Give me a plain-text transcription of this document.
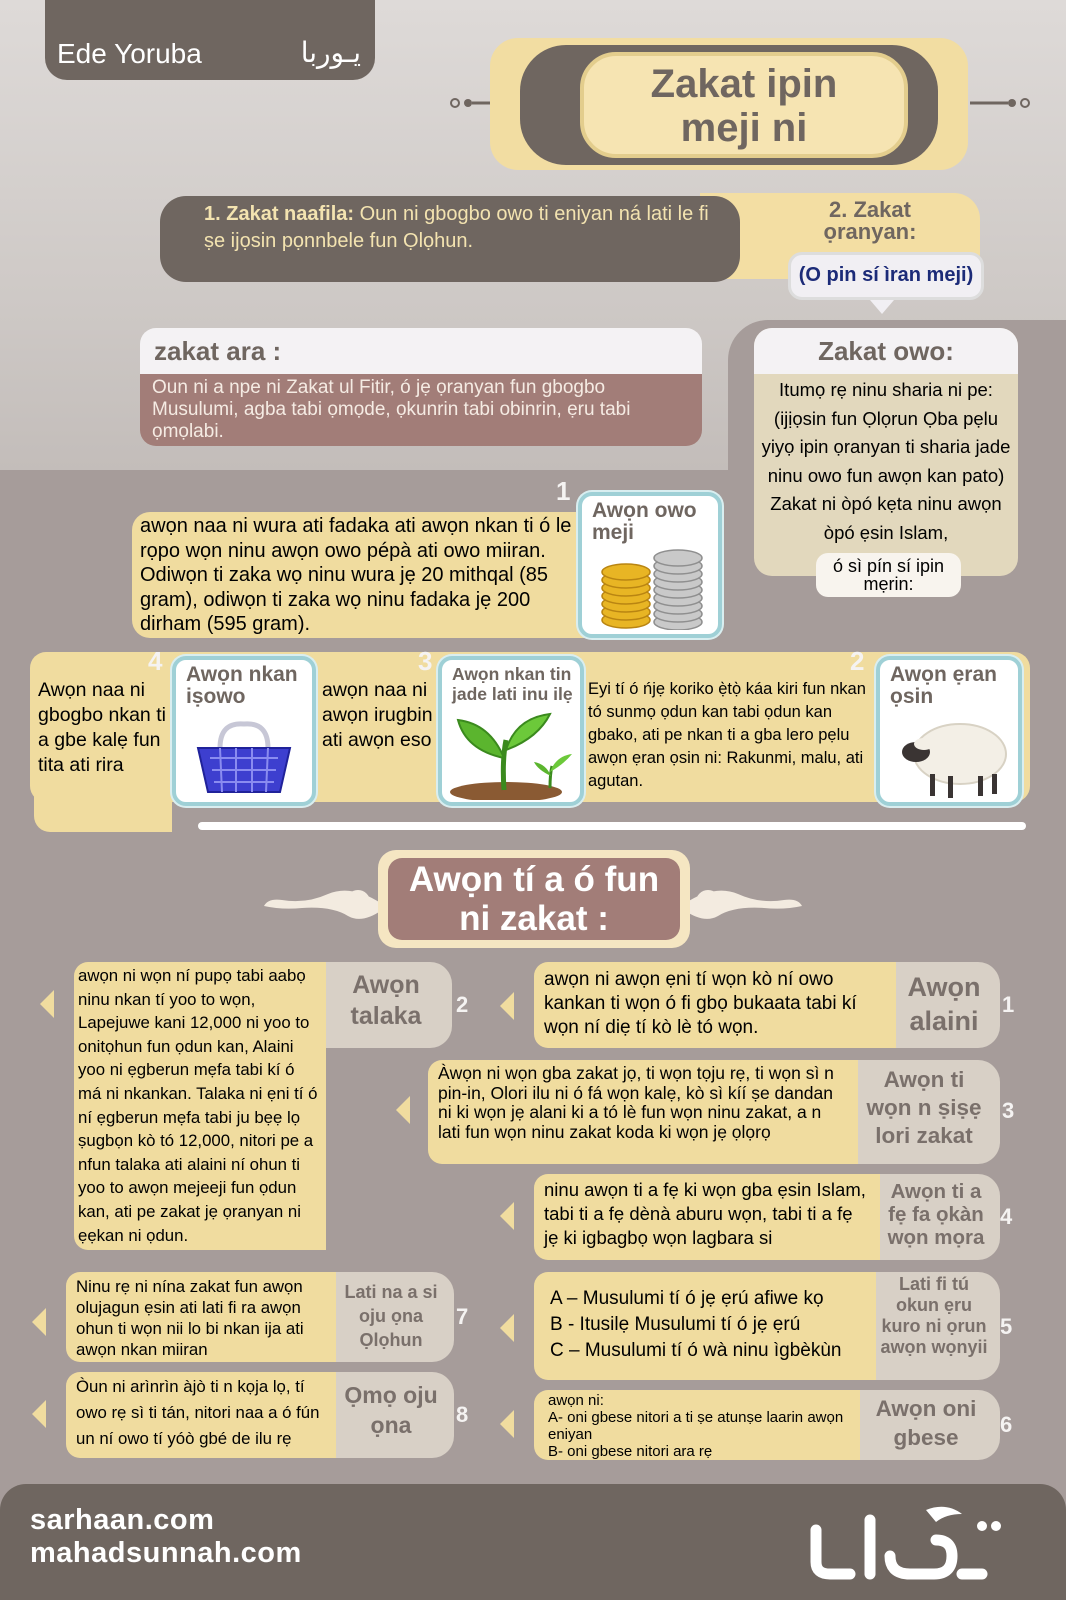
Ede Yoruba	يـوربا
Zakat ipin
meji ni
2. Zakat
ọranyan:
1. Zakat naafila: Oun ni gbogbo owo ti eniyan ná lati le fi ṣe ijọsin pọnnbele fun Ọlọhun.
(O pin sí ìran meji)
zakat ara :
Oun ni a npe ni Zakat ul Fitir, ó jẹ ọranyan fun gbogbo Musulumi, agba tabi ọmọde, ọkunrin tabi obinrin, ẹru tabi ọmọlabi.
Zakat owo:
Itumọ rẹ ninu sharia ni pe: (ijịọsin fun Ọlọrun Ọba pẹlu yiyọ ipin ọranyan ti sharia jade ninu owo fun awọn kan pato) Zakat ni òpó kẹta ninu awọn òpó ẹsin Islam,
ó sì pín sí ipin mẹrin:
awọn naa ni wura ati fadaka ati awọn nkan ti ó le rọpo wọn ninu awọn owo pépà ati owo miiran. Odiwọn ti zaka wọ ninu wura jẹ 20 mithqal (85 gram), odiwọn ti zaka wọ ninu fadaka jẹ 200 dirham (595 gram).
1
Awọn owo meji
Awọn naa ni gbogbo nkan ti a gbe kalẹ fun tita ati rira
4 Awọn nkan iṣowo	awọn naa ni awọn irugbin ati awọn eso
3 Awọn nkan tin jade lati inu ilẹ Eyi tí ó ńjẹ koriko ẹ̀tọ̀ káa kiri fun nkan tó sunmọ ọdun kan tabi ọdun kan gbako, ati pe nkan ti a gba lero pẹlu awọn ẹran ọsin ni: Rakunmi, malu, ati agutan.
2 Awọn ẹran ọsin
Awọn tí a ó fun
ni zakat :
awọn ni awọn ẹni tí wọn kò ní owo kankan ti wọn ó fi gbọ bukaata tabi kí wọn ní diẹ tí kò lè tó wọn.
Awọn alaini
1
Àwọn ni wọn gba zakat jọ, ti wọn tọju rẹ, ti wọn sì n pin-in, Olori ilu ni ó fá wọn kalẹ, kò sì kíí ṣe dandan ni ki wọn jẹ alani ki a tó lè fun wọn ninu zakat, a n lati fun wọn ninu zakat koda ki wọn jẹ ọlọrọ
Awọn ti wọn n ṣiṣẹ lori zakat
3
ninu awọn ti a fẹ ki wọn gba ẹsin Islam, tabi ti a fẹ dènà aburu wọn, tabi ti a fẹ jẹ ki igbagbọ wọn lagbara si
Awọn ti a fẹ fa ọkàn wọn mọra
4
A – Musulumi tí ó jẹ ẹrú afiwe kọ
B - Itusilẹ Musulumi tí ó jẹ ẹrú
C – Musulumi tí ó wà ninu ìgbèkùn
Lati fi tú okun ẹru kuro ni ọrun awọn wọnyii
5
awọn ni:
A- oni gbese nitori a ti ṣe atunṣe laarin awọn eniyan
B- oni gbese nitori ara rẹ
Awọn oni gbese
6
awọn ni wọn ní pupọ tabi aabọ ninu nkan tí yoo to wọn, Lapejuwe kani 12,000 ni yoo to onitọhun fun ọdun kan, Alaini yoo ni ẹgberun mẹfa tabi kí ó má ni nkankan. Talaka ni ẹni tí ó ní ẹgberun mẹfa tabi ju bẹẹ lọ ṣugbọn kò tó 12,000, nitori pe a nfun talaka ati alaini ní ohun ti yoo to awọn mejeeji fun ọdun kan, ati pe zakat jẹ ọranyan ni ẹẹkan ni ọdun.
Awọn talaka	2
Ninu rẹ ni nína zakat fun awọn olujagun ẹsin ati lati fi ra awọn ohun ti wọn nii lo bi nkan ija ati awọn nkan miiran
Lati na a si oju ọna Ọlọhun
7
Òun ni arìnrìn àjò ti n kọja lọ, tí owo rẹ sì ti tán, nitori naa a ó fún un ní owo tí yóò gbé de ilu rẹ
Ọmọ oju ọna	8
sarhaan.com
mahadsunnah.com
